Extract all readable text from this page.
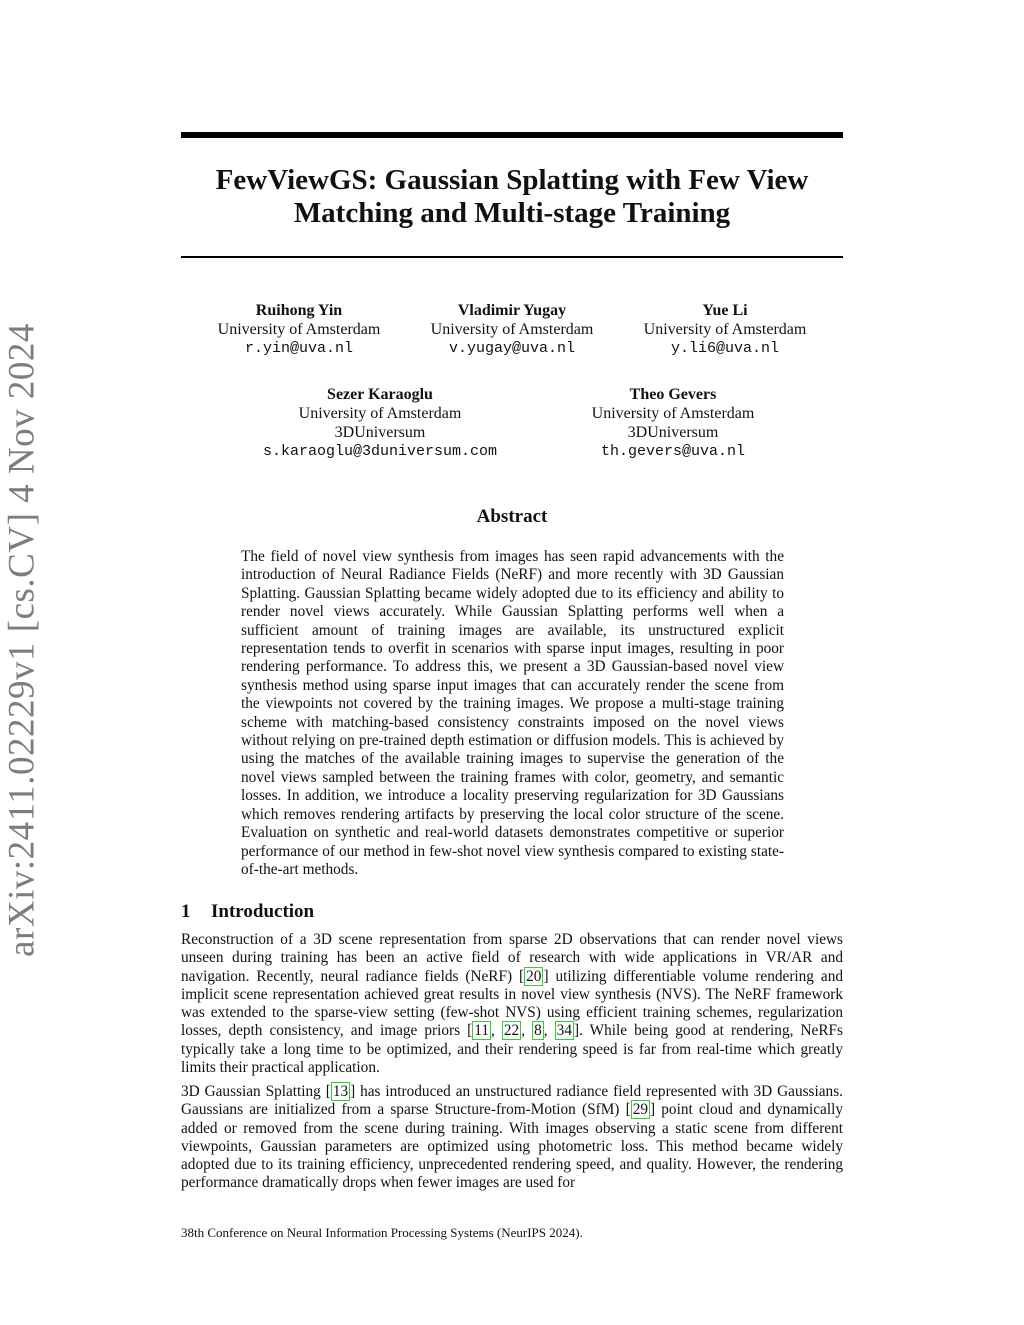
arXiv:2411.02229v1 [cs.CV] 4 Nov 2024
FewViewGS: Gaussian Splatting with Few View
Matching and Multi-stage Training
Ruihong Yin
University of Amsterdam
r.yin@uva.nl
Vladimir Yugay
University of Amsterdam
v.yugay@uva.nl
Yue Li
University of Amsterdam
y.li6@uva.nl
Sezer Karaoglu
University of Amsterdam
3DUniversum
s.karaoglu@3duniversum.com
Theo Gevers
University of Amsterdam
3DUniversum
th.gevers@uva.nl
Abstract
The field of novel view synthesis from images has seen rapid advancements with the introduction of Neural Radiance Fields (NeRF) and more recently with 3D Gaussian Splatting. Gaussian Splatting became widely adopted due to its efficiency and ability to render novel views accurately. While Gaussian Splatting performs well when a sufficient amount of training images are available, its unstructured explicit representation tends to overfit in scenarios with sparse input images, resulting in poor rendering performance. To address this, we present a 3D Gaussian-based novel view synthesis method using sparse input images that can accurately render the scene from the viewpoints not covered by the training images. We propose a multi-stage training scheme with matching-based consistency constraints imposed on the novel views without relying on pre-trained depth estimation or diffusion models. This is achieved by using the matches of the available training images to supervise the generation of the novel views sampled between the training frames with color, geometry, and semantic losses. In addition, we introduce a locality preserving regularization for 3D Gaussians which removes rendering artifacts by preserving the local color structure of the scene. Evaluation on synthetic and real-world datasets demonstrates competitive or superior performance of our method in few-shot novel view synthesis compared to existing state-of-the-art methods.
1 Introduction
Reconstruction of a 3D scene representation from sparse 2D observations that can render novel views unseen during training has been an active field of research with wide applications in VR/AR and navigation. Recently, neural radiance fields (NeRF) [ 20 ] utilizing differentiable volume rendering and implicit scene representation achieved great results in novel view synthesis (NVS). The NeRF framework was extended to the sparse-view setting (few-shot NVS) using efficient training schemes, regularization losses, depth consistency, and image priors [ 11 , 22 , 8 , 34 ]. While being good at rendering, NeRFs typically take a long time to be optimized, and their rendering speed is far from real-time which greatly limits their practical application.
3D Gaussian Splatting [ 13 ] has introduced an unstructured radiance field represented with 3D Gaussians. Gaussians are initialized from a sparse Structure-from-Motion (SfM) [ 29 ] point cloud and dynamically added or removed from the scene during training. With images observing a static scene from different viewpoints, Gaussian parameters are optimized using photometric loss. This method became widely adopted due to its training efficiency, unprecedented rendering speed, and quality. However, the rendering performance dramatically drops when fewer images are used for
38th Conference on Neural Information Processing Systems (NeurIPS 2024).
